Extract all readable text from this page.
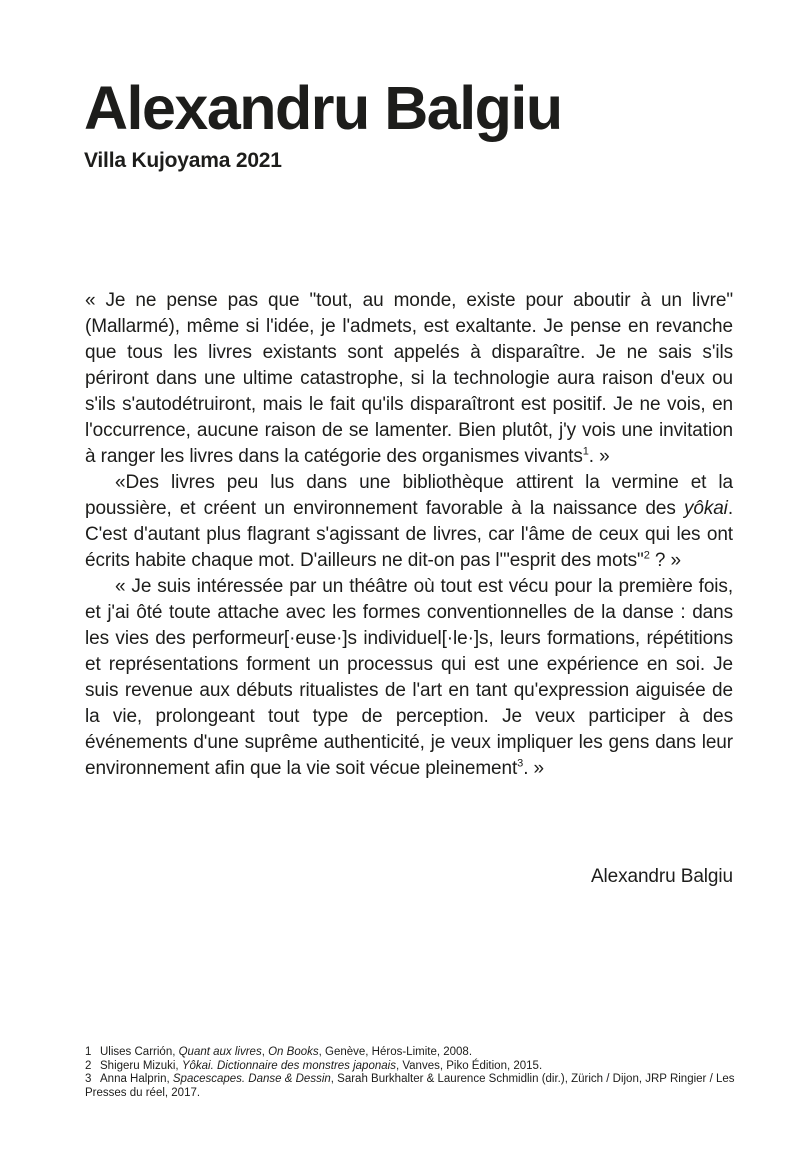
Alexandru Balgiu
Villa Kujoyama 2021

« Je ne pense pas que "tout, au monde, existe pour aboutir à un livre" (Mallarmé), même si l'idée, je l'admets, est exaltante. Je pense en revanche que tous les livres existants sont appelés à disparaître. Je ne sais s'ils périront dans une ultime catastrophe, si la technologie aura raison d'eux ou s'ils s'autodétruiront, mais le fait qu'ils disparaîtront est positif. Je ne vois, en l'occurrence, aucune raison de se lamenter. Bien plutôt, j'y vois une invitation à ranger les livres dans la catégorie des organismes vivants$^1$. »

«Des livres peu lus dans une bibliothèque attirent la vermine et la poussière, et créent un environnement favorable à la naissance des yôkai. C'est d'autant plus flagrant s'agissant de livres, car l'âme de ceux qui les ont écrits habite chaque mot. D'ailleurs ne dit-on pas l'"esprit des mots"$^2$ ? »

« Je suis intéressée par un théâtre où tout est vécu pour la première fois, et j'ai ôté toute attache avec les formes conventionnelles de la danse : dans les vies des performeur[·euse·]s individuel[·le·]s, leurs formations, répétitions et représentations forment un processus qui est une expérience en soi. Je suis revenue aux débuts ritualistes de l'art en tant qu'expression aiguisée de la vie, prolongeant tout type de perception. Je veux participer à des événements d'une suprême authenticité, je veux impliquer les gens dans leur environnement afin que la vie soit vécue pleinement$^3$. »

Alexandru Balgiu

1 Ulises Carrión, Quant aux livres, On Books, Genève, Héros-Limite, 2008.

2 Shigeru Mizuki, Yôkai. Dictionnaire des monstres japonais, Vanves, Piko Édition, 2015.

3 Anna Halprin, Spacescapes. Danse & Dessin, Sarah Burkhalter & Laurence Schmidlin (dir.), Zürich / Dijon, JRP Ringier / Les Presses du réel, 2017.
